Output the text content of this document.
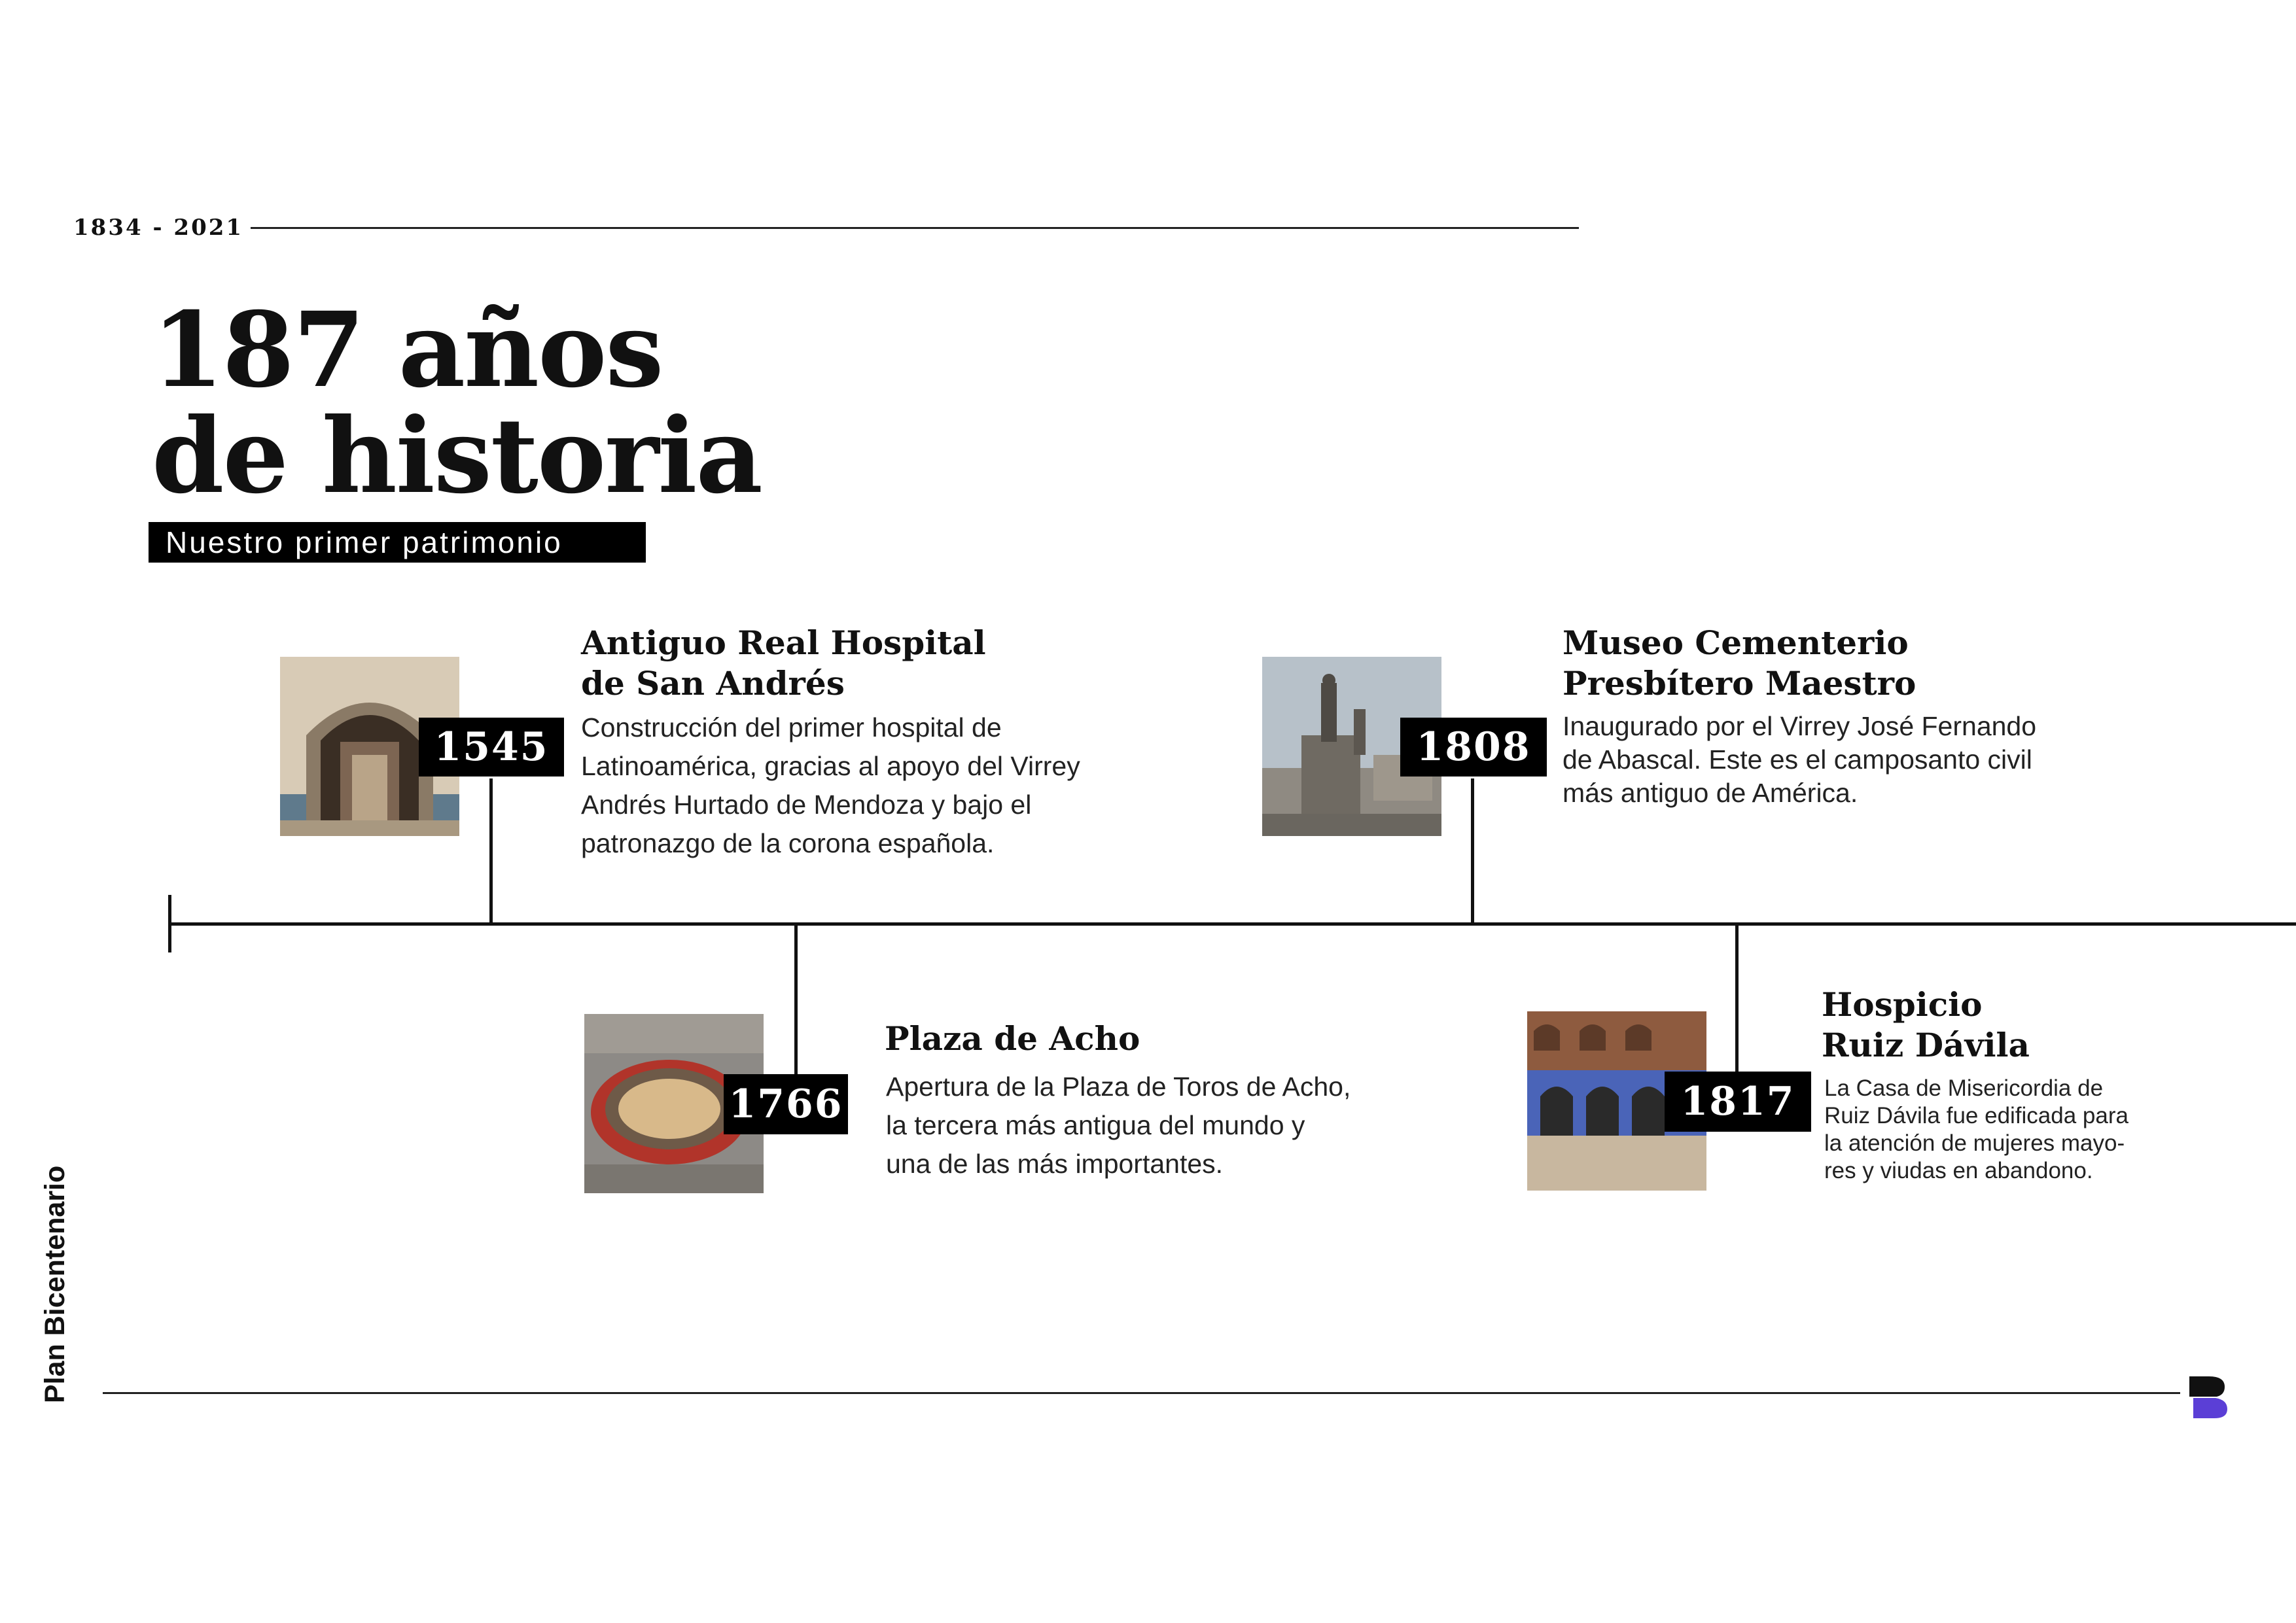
1834 - 2021
187 años
de historia
Nuestro primer patrimonio
1545
Antiguo Real Hospital
de San Andrés
Construcción del primer hospital de
Latinoamérica, gracias al apoyo del Virrey
Andrés Hurtado de Mendoza y bajo el
patronazgo de la corona española.
1766
Plaza de Acho
Apertura de la Plaza de Toros de Acho,
la tercera más antigua del mundo y
una de las más importantes.
1808
Museo Cementerio
Presbítero Maestro
Inaugurado por el Virrey José Fernando
de Abascal. Este es el camposanto civil
más antiguo de América.
1817
Hospicio
Ruiz Dávila
La Casa de Misericordia de
Ruiz Dávila fue edificada para
la atención de mujeres mayo-
res y viudas en abandono.
Plan Bicentenario
